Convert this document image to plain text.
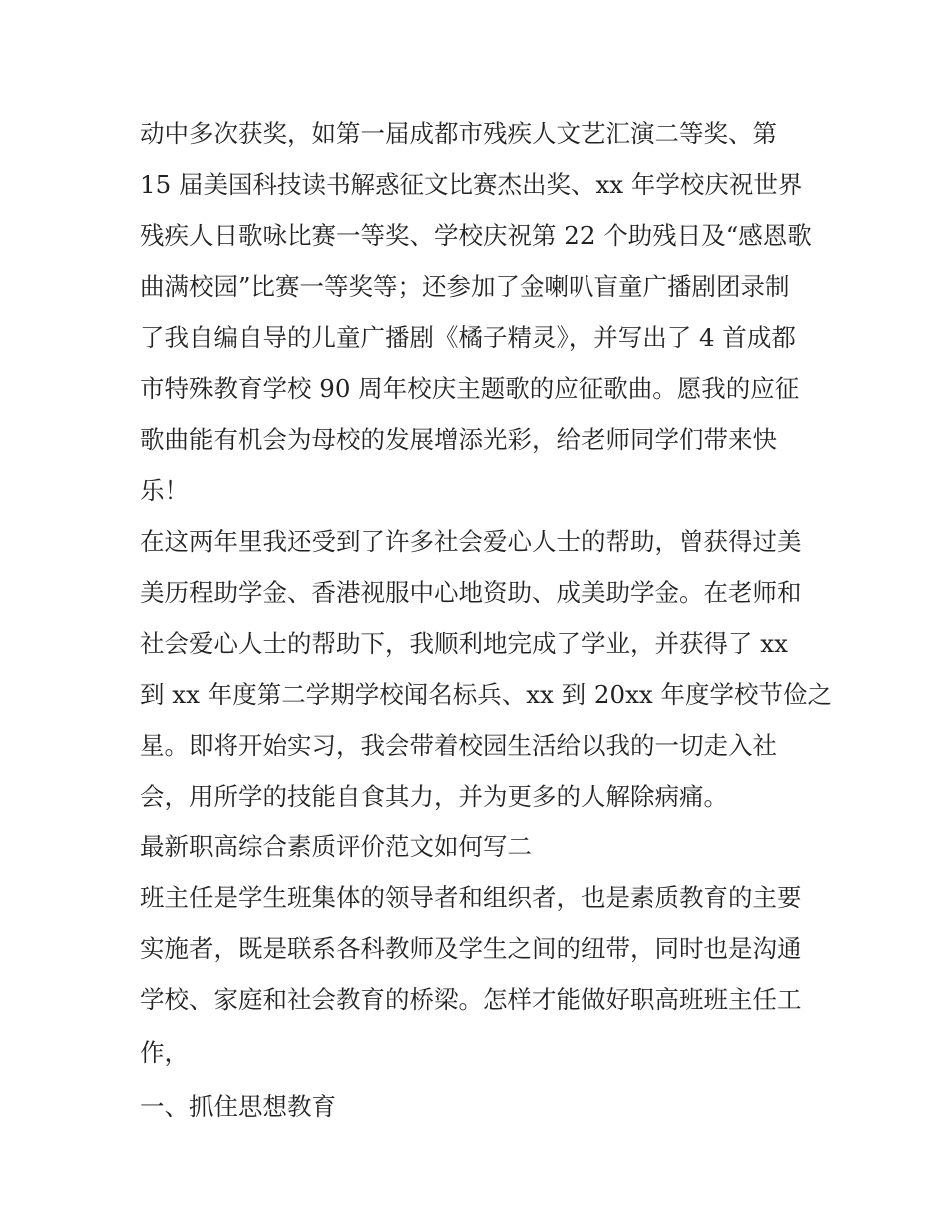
动中多次获奖，如第一届成都市残疾人文艺汇演二等奖、第
15 届美国科技读书解惑征文比赛杰出奖、xx 年学校庆祝世界
残疾人日歌咏比赛一等奖、学校庆祝第 22 个助残日及“感恩歌
曲满校园”比赛一等奖等；还参加了金喇叭盲童广播剧团录制
了我自编自导的儿童广播剧《橘子精灵》，并写出了 4 首成都
市特殊教育学校 90 周年校庆主题歌的应征歌曲。愿我的应征
歌曲能有机会为母校的发展增添光彩，给老师同学们带来快
乐！
在这两年里我还受到了许多社会爱心人士的帮助，曾获得过美
美历程助学金、香港视服中心地资助、成美助学金。在老师和
社会爱心人士的帮助下，我顺利地完成了学业，并获得了 xx
到 xx 年度第二学期学校闻名标兵、xx 到 20xx 年度学校节俭之
星。即将开始实习，我会带着校园生活给以我的一切走入社
会，用所学的技能自食其力，并为更多的人解除病痛。
最新职高综合素质评价范文如何写二
班主任是学生班集体的领导者和组织者，也是素质教育的主要
实施者，既是联系各科教师及学生之间的纽带，同时也是沟通
学校、家庭和社会教育的桥梁。怎样才能做好职高班班主任工
作，
一、抓住思想教育
